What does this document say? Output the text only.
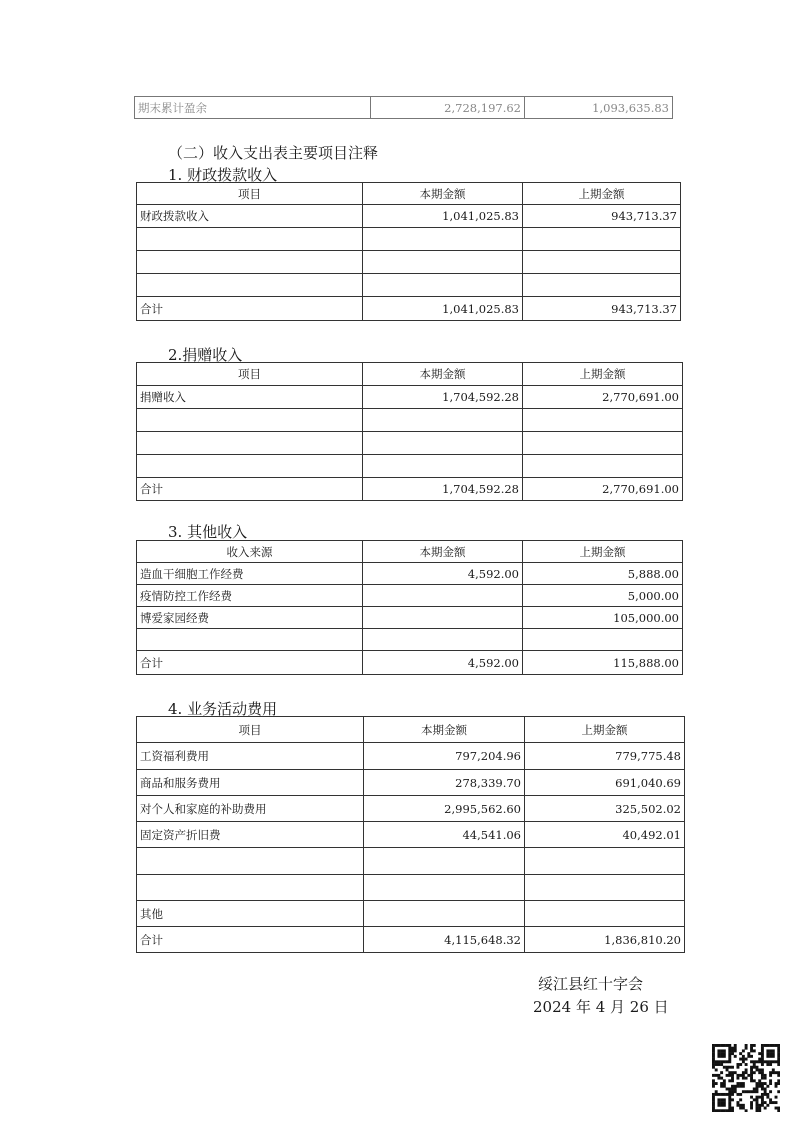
期末累计盈余	2,728,197.62	1,093,635.83
（二）收入支出表主要项目注释
1. 财政拨款收入
项目	本期金额	上期金额
财政拨款收入	1,041,025.83	943,713.37

合计	1,041,025.83	943,713.37
2.捐赠收入
项目	本期金额	上期金额
捐赠收入	1,704,592.28	2,770,691.00

合计	1,704,592.28	2,770,691.00
3. 其他收入
收入来源	本期金额	上期金额
造血干细胞工作经费	4,592.00	5,888.00
疫情防控工作经费		5,000.00
博爱家园经费		105,000.00

合计	4,592.00	115,888.00
4. 业务活动费用
项目	本期金额	上期金额
工资福利费用	797,204.96	779,775.48
商品和服务费用	278,339.70	691,040.69
对个人和家庭的补助费用	2,995,562.60	325,502.02
固定资产折旧费	44,541.06	40,492.01

其他		
合计	4,115,648.32	1,836,810.20
绥江县红十字会
2024 年 4 月 26 日
